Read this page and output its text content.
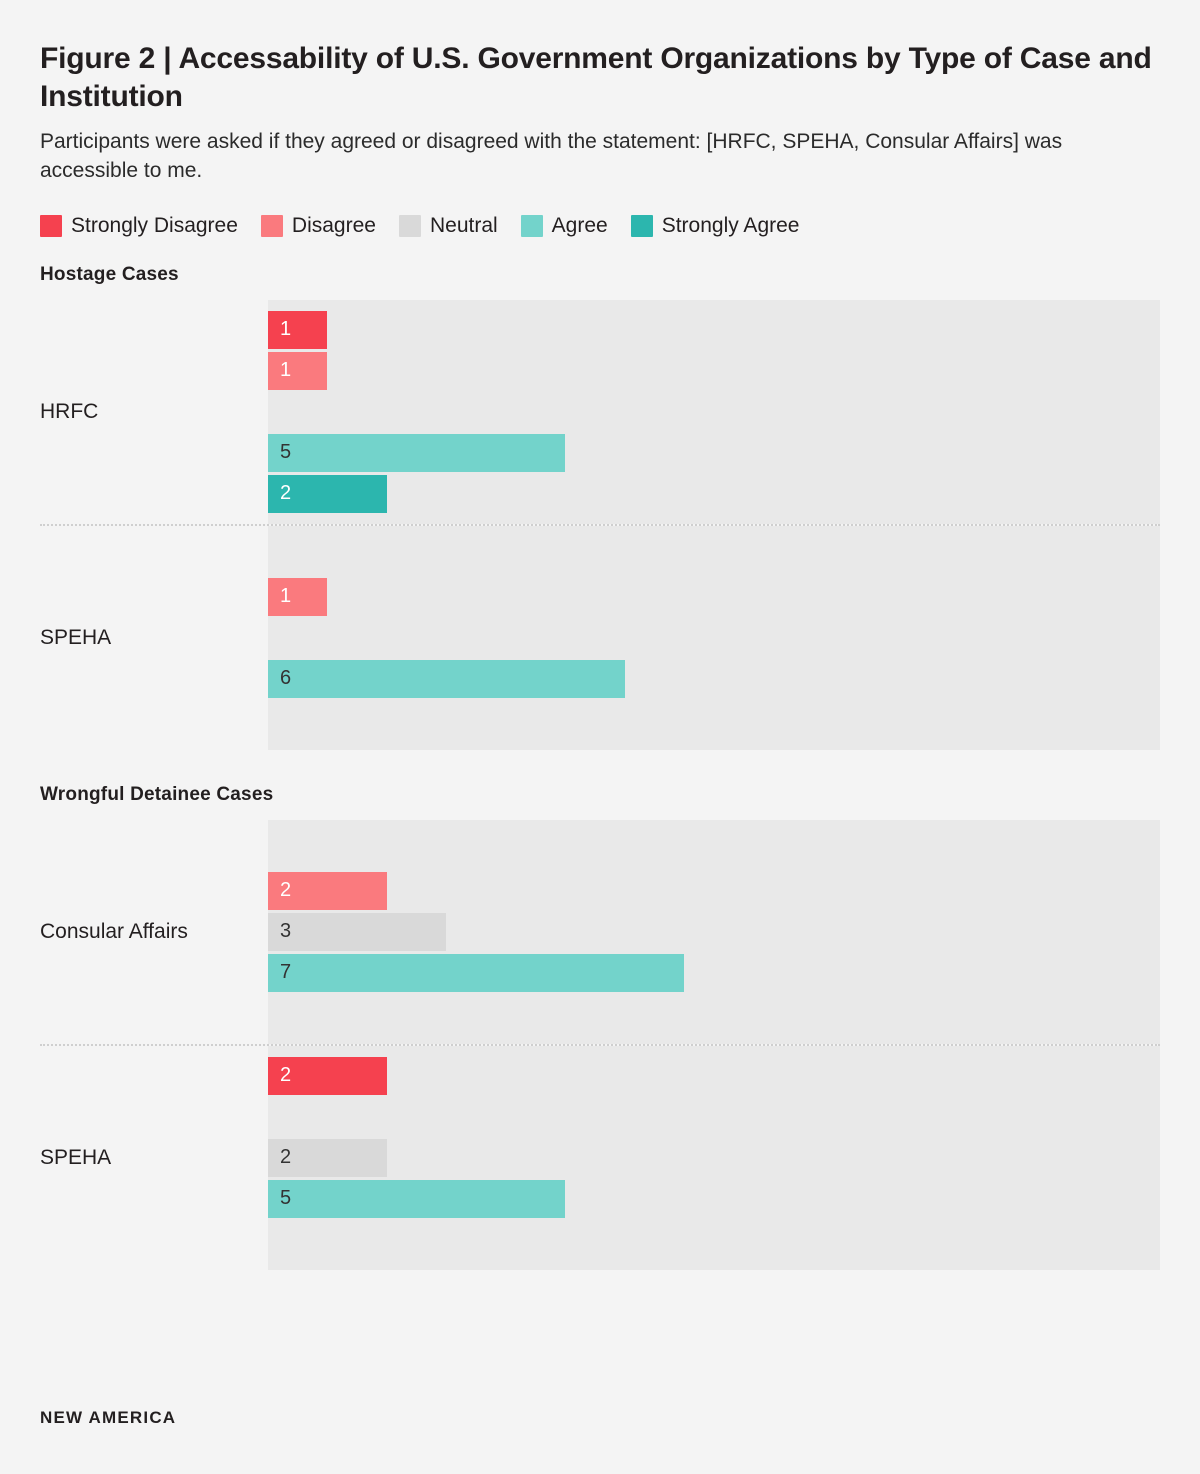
Figure 2 | Accessability of U.S. Government Organizations by Type of Case and Institution

Participants were asked if they agreed or disagreed with the statement: [HRFC, SPEHA, Consular Affairs] was accessible to me.

Strongly Disagree	Disagree	Neutral	Agree	Strongly Agree
Hostage Cases
HRFC
1
1
5
2
SPEHA
1
6
Wrongful Detainee Cases
Consular Affairs
2
3
7
SPEHA
2
2
5
NEW AMERICA
